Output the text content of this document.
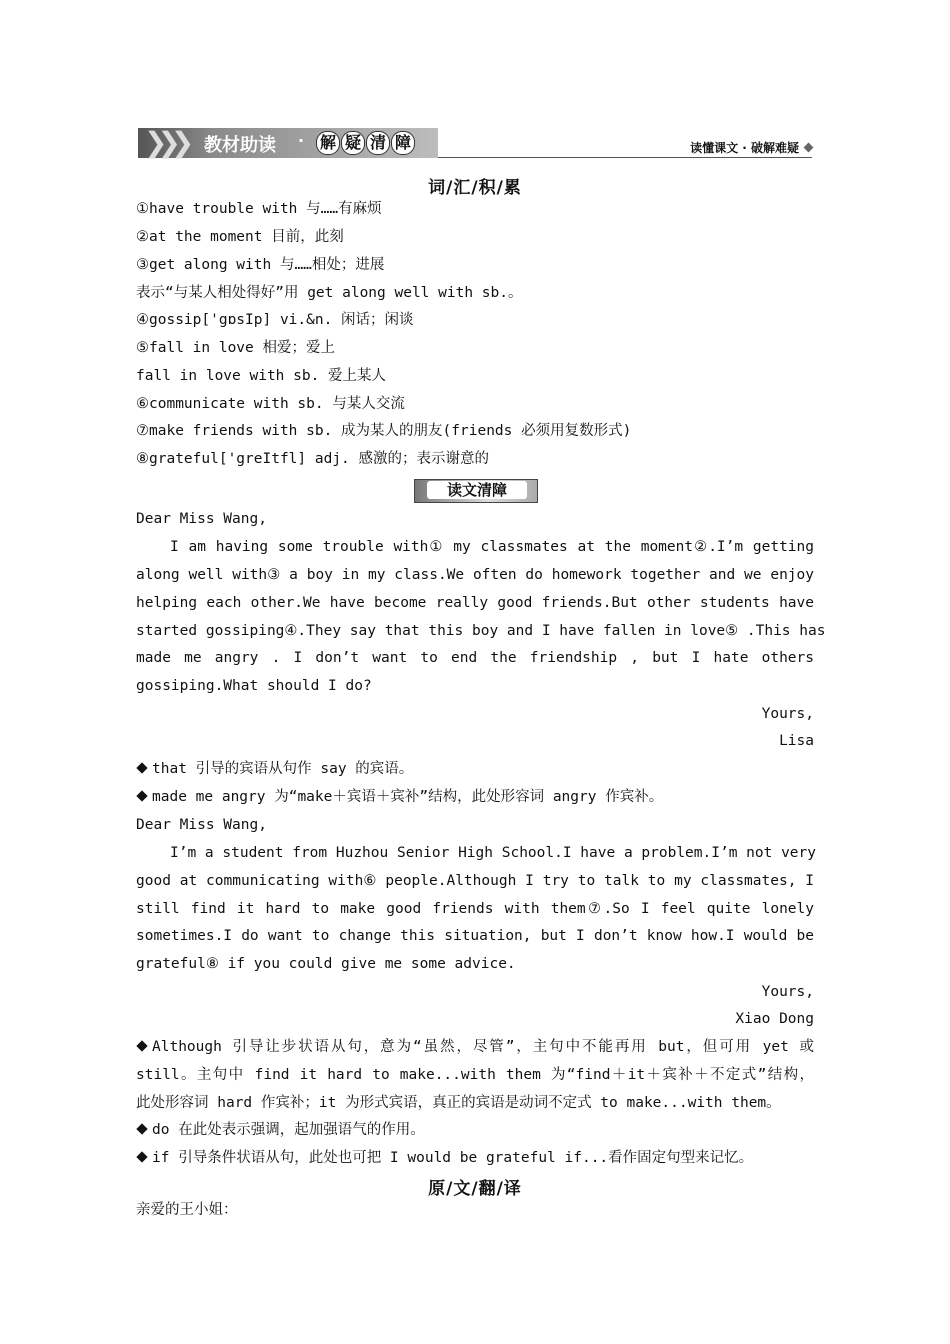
❯❯❯ 教材助读 · 解 疑 清 障	读懂课文 · 破解难疑
词/汇/积/累
①have trouble with 与……有麻烦
②at the moment 目前，此刻
③get along with 与……相处；进展
表示“与某人相处得好”用 get along well with sb.。
④gossip['gɒsIp] vi.&n. 闲话；闲谈
⑤fall in love 相爱；爱上
fall in love with sb. 爱上某人
⑥communicate with sb. 与某人交流
⑦make friends with sb. 成为某人的朋友(friends 必须用复数形式)
⑧grateful['greItfl] adj. 感激的；表示谢意的
读文清障
Dear Miss Wang,
I am having some trouble with① my classmates at the moment②.I’m getting
along well with③ a boy in my class.We often do homework together and we enjoy
helping each other.We have become really good friends.But other students have
started gossiping④.They say that this boy and I have fallen in love⑤ .This has
made me angry . I don’t want to end the friendship , but I hate others
gossiping.What should I do?
Yours,
Lisa
that 引导的宾语从句作 say 的宾语。
made me angry 为“make＋宾语＋宾补”结构，此处形容词 angry 作宾补。
Dear Miss Wang,
I’m a student from Huzhou Senior High School.I have a problem.I’m not very
good at communicating with⑥ people.Although I try to talk to my classmates, I
still find it hard to make good friends with them⑦.So I feel quite lonely
sometimes.I do want to change this situation, but I don’t know how.I would be
grateful⑧ if you could give me some advice.
Yours,
Xiao Dong
Although 引导让步状语从句，意为“虽然，尽管”，主句中不能再用 but，但可用 yet 或
still。主句中 find it hard to make...with them 为“find＋it＋宾补＋不定式”结构，
此处形容词 hard 作宾补；it 为形式宾语，真正的宾语是动词不定式 to make...with them。
do 在此处表示强调，起加强语气的作用。
if 引导条件状语从句，此处也可把 I would be grateful if...看作固定句型来记忆。
原/文/翻/译
亲爱的王小姐：
